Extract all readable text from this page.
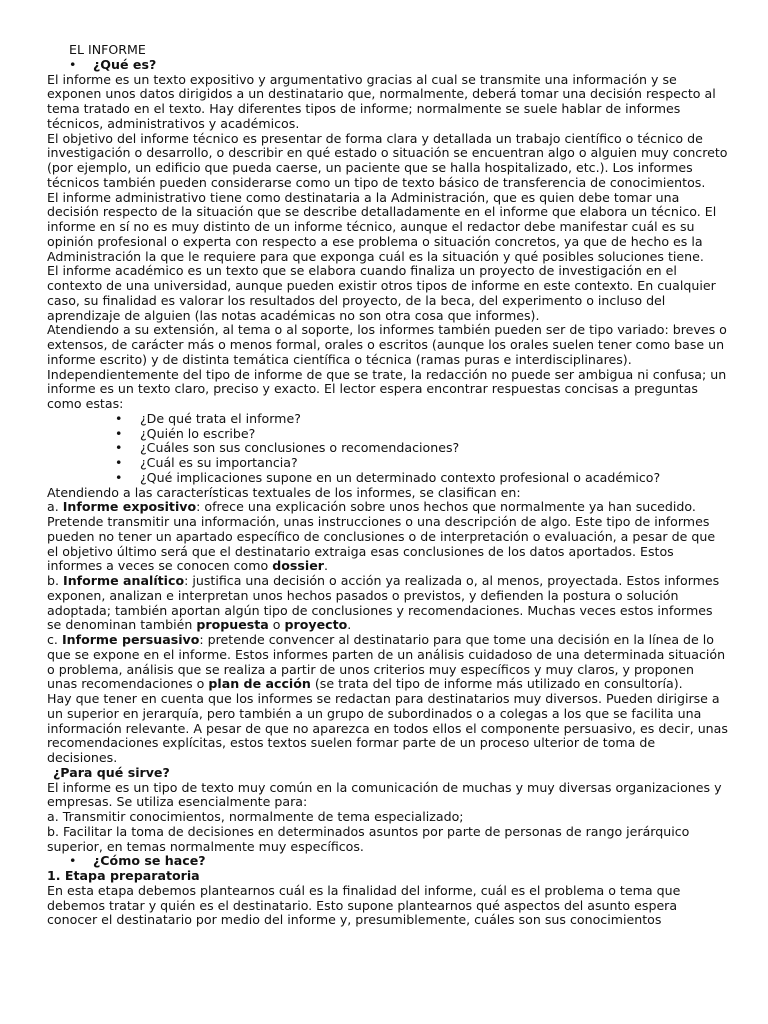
EL INFORME

• ¿Qué es?

El informe es un texto expositivo y argumentativo gracias al cual se transmite una información y se exponen unos datos dirigidos a un destinatario que, normalmente, deberá tomar una decisión respecto al tema tratado en el texto. Hay diferentes tipos de informe; normalmente se suele hablar de informes técnicos, administrativos y académicos.

El objetivo del informe técnico es presentar de forma clara y detallada un trabajo científico o técnico de investigación o desarrollo, o describir en qué estado o situación se encuentran algo o alguien muy concreto (por ejemplo, un edificio que pueda caerse, un paciente que se halla hospitalizado, etc.). Los informes técnicos también pueden considerarse como un tipo de texto básico de transferencia de conocimientos.

El informe administrativo tiene como destinataria a la Administración, que es quien debe tomar una decisión respecto de la situación que se describe detalladamente en el informe que elabora un técnico. El informe en sí no es muy distinto de un informe técnico, aunque el redactor debe manifestar cuál es su opinión profesional o experta con respecto a ese problema o situación concretos, ya que de hecho es la Administración la que le requiere para que exponga cuál es la situación y qué posibles soluciones tiene.

El informe académico es un texto que se elabora cuando finaliza un proyecto de investigación en el contexto de una universidad, aunque pueden existir otros tipos de informe en este contexto. En cualquier caso, su finalidad es valorar los resultados del proyecto, de la beca, del experimento o incluso del aprendizaje de alguien (las notas académicas no son otra cosa que informes).

Atendiendo a su extensión, al tema o al soporte, los informes también pueden ser de tipo variado: breves o extensos, de carácter más o menos formal, orales o escritos (aunque los orales suelen tener como base un informe escrito) y de distinta temática científica o técnica (ramas puras e interdisciplinares).

Independientemente del tipo de informe de que se trate, la redacción no puede ser ambigua ni confusa; un informe es un texto claro, preciso y exacto. El lector espera encontrar respuestas concisas a preguntas como estas:

• ¿De qué trata el informe?
• ¿Quién lo escribe?
• ¿Cuáles son sus conclusiones o recomendaciones?
• ¿Cuál es su importancia?
• ¿Qué implicaciones supone en un determinado contexto profesional o académico?

Atendiendo a las características textuales de los informes, se clasifican en:

a. Informe expositivo: ofrece una explicación sobre unos hechos que normalmente ya han sucedido. Pretende transmitir una información, unas instrucciones o una descripción de algo. Este tipo de informes pueden no tener un apartado específico de conclusiones o de interpretación o evaluación, a pesar de que el objetivo último será que el destinatario extraiga esas conclusiones de los datos aportados. Estos informes a veces se conocen como dossier.

b. Informe analítico: justifica una decisión o acción ya realizada o, al menos, proyectada. Estos informes exponen, analizan e interpretan unos hechos pasados o previstos, y defienden la postura o solución adoptada; también aportan algún tipo de conclusiones y recomendaciones. Muchas veces estos informes se denominan también propuesta o proyecto.

c. Informe persuasivo: pretende convencer al destinatario para que tome una decisión en la línea de lo que se expone en el informe. Estos informes parten de un análisis cuidadoso de una determinada situación o problema, análisis que se realiza a partir de unos criterios muy específicos y muy claros, y proponen unas recomendaciones o plan de acción (se trata del tipo de informe más utilizado en consultoría).

Hay que tener en cuenta que los informes se redactan para destinatarios muy diversos. Pueden dirigirse a un superior en jerarquía, pero también a un grupo de subordinados o a colegas a los que se facilita una información relevante. A pesar de que no aparezca en todos ellos el componente persuasivo, es decir, unas recomendaciones explícitas, estos textos suelen formar parte de un proceso ulterior de toma de decisiones.

¿Para qué sirve?

El informe es un tipo de texto muy común en la comunicación de muchas y muy diversas organizaciones y empresas. Se utiliza esencialmente para:

a. Transmitir conocimientos, normalmente de tema especializado;

b. Facilitar la toma de decisiones en determinados asuntos por parte de personas de rango jerárquico superior, en temas normalmente muy específicos.

• ¿Cómo se hace?

1. Etapa preparatoria

En esta etapa debemos plantearnos cuál es la finalidad del informe, cuál es el problema o tema que debemos tratar y quién es el destinatario. Esto supone plantearnos qué aspectos del asunto espera conocer el destinatario por medio del informe y, presumiblemente, cuáles son sus conocimientos
